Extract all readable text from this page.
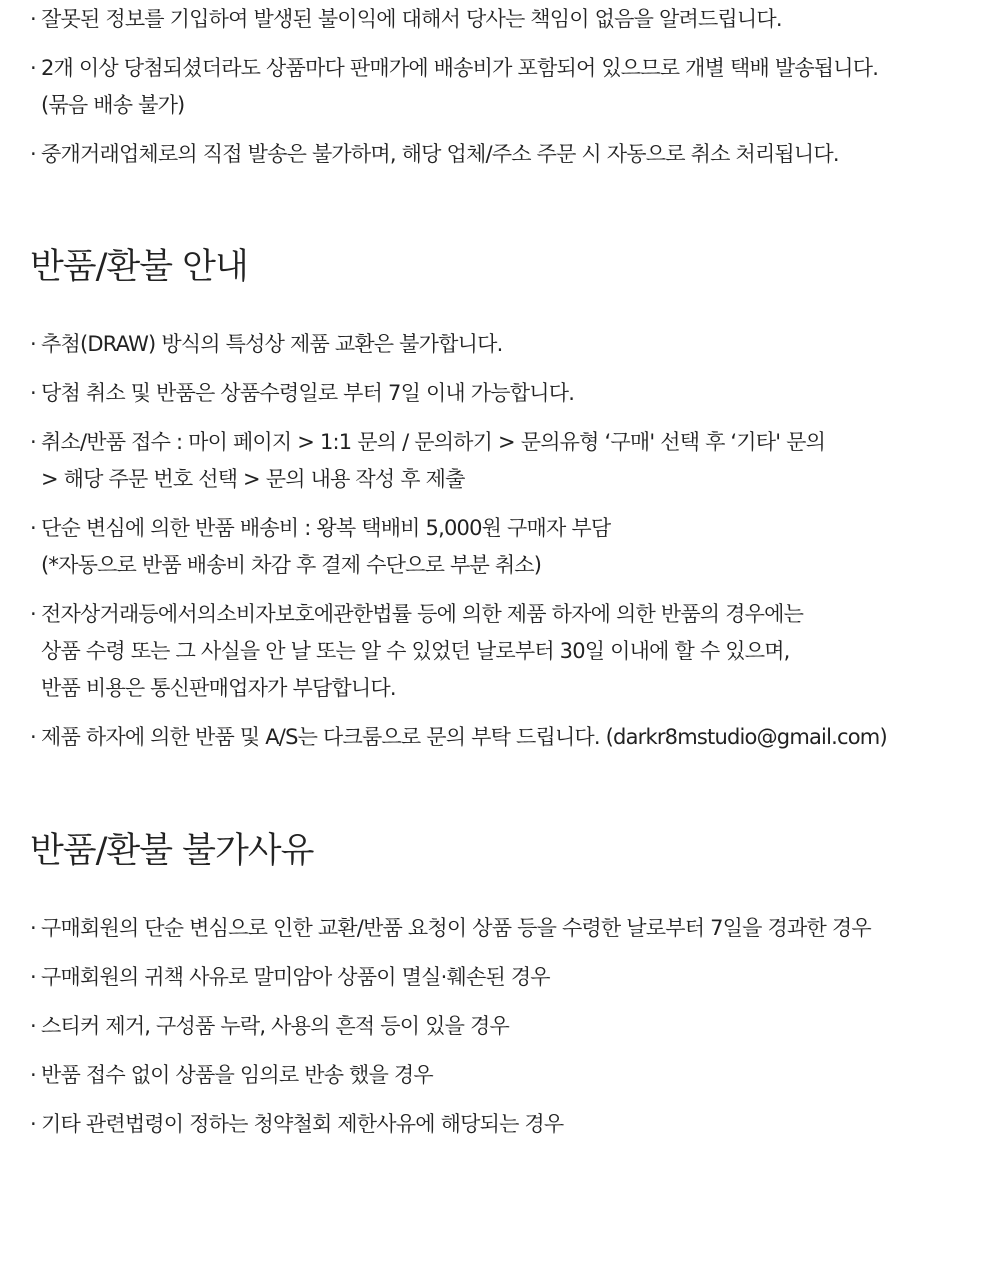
· 잘못된 정보를 기입하여 발생된 불이익에 대해서 당사는 책임이 없음을 알려드립니다.
· 2개 이상 당첨되셨더라도 상품마다 판매가에 배송비가 포함되어 있으므로 개별 택배 발송됩니다.
(묶음 배송 불가)
· 중개거래업체로의 직접 발송은 불가하며, 해당 업체/주소 주문 시 자동으로 취소 처리됩니다.
반품/환불 안내
· 추첨(DRAW) 방식의 특성상 제품 교환은 불가합니다.
· 당첨 취소 및 반품은 상품수령일로 부터 7일 이내 가능합니다.
· 취소/반품 접수 : 마이 페이지 > 1:1 문의 / 문의하기 > 문의유형 ‘구매' 선택 후 ‘기타' 문의
> 해당 주문 번호 선택 > 문의 내용 작성 후 제출
· 단순 변심에 의한 반품 배송비 : 왕복 택배비 5,000원 구매자 부담
(*자동으로 반품 배송비 차감 후 결제 수단으로 부분 취소)
· 전자상거래등에서의소비자보호에관한법률 등에 의한 제품 하자에 의한 반품의 경우에는
상품 수령 또는 그 사실을 안 날 또는 알 수 있었던 날로부터 30일 이내에 할 수 있으며,
반품 비용은 통신판매업자가 부담합니다.
· 제품 하자에 의한 반품 및 A/S는 다크룸으로 문의 부탁 드립니다. (darkr8mstudio@gmail.com)
반품/환불 불가사유
· 구매회원의 단순 변심으로 인한 교환/반품 요청이 상품 등을 수령한 날로부터 7일을 경과한 경우
· 구매회원의 귀책 사유로 말미암아 상품이 멸실·훼손된 경우
· 스티커 제거, 구성품 누락, 사용의 흔적 등이 있을 경우
· 반품 접수 없이 상품을 임의로 반송 했을 경우
· 기타 관련법령이 정하는 청약철회 제한사유에 해당되는 경우
